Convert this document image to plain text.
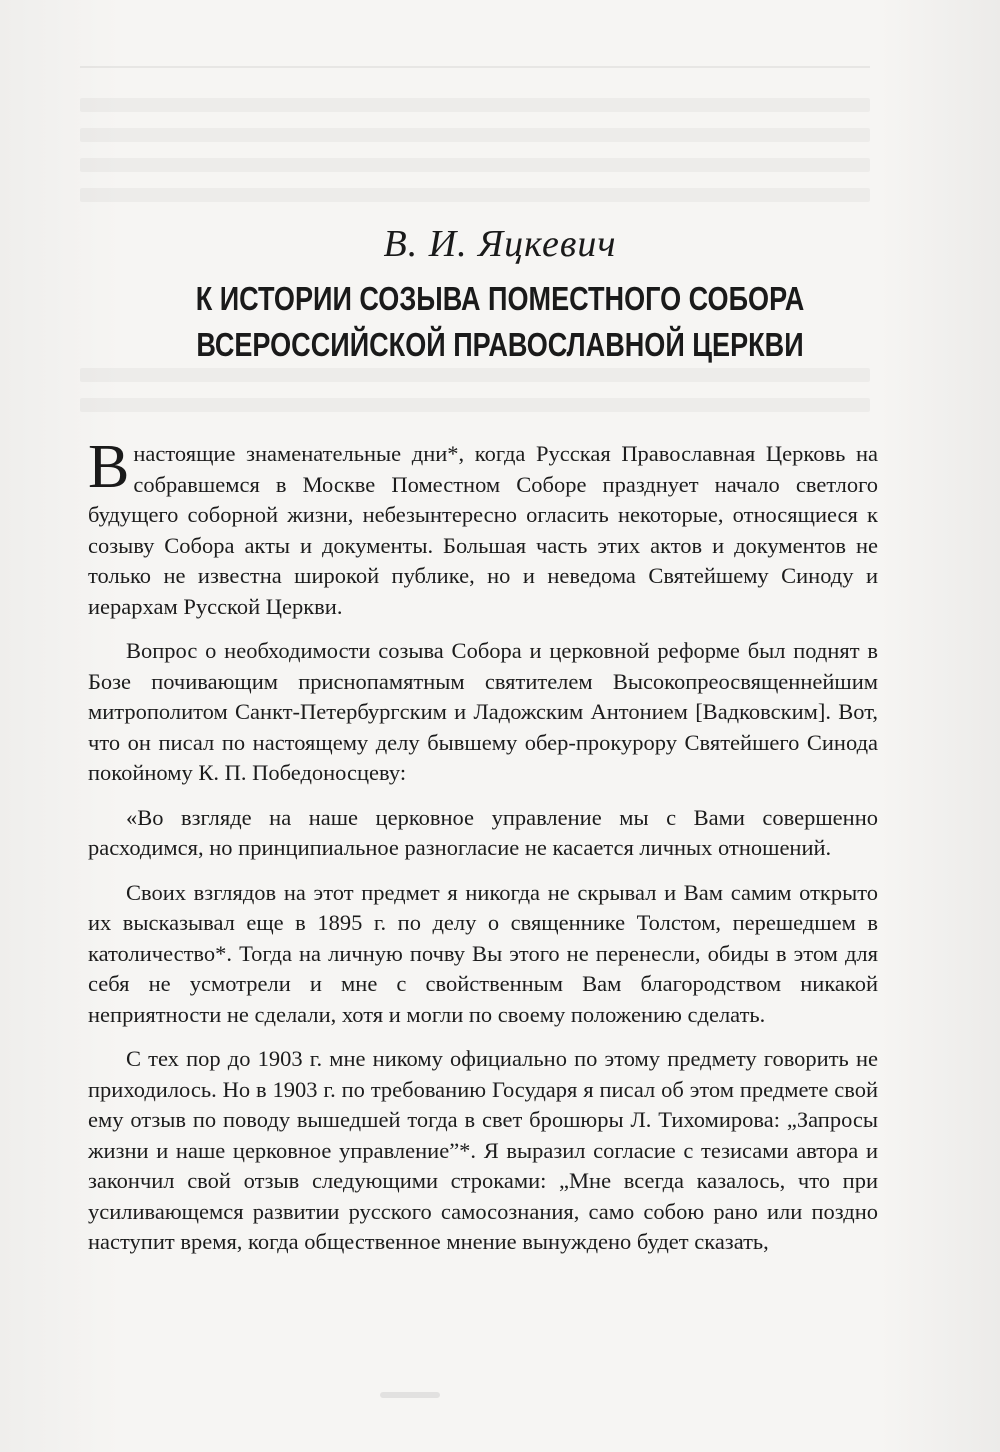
В. И. Яцкевич
К ИСТОРИИ СОЗЫВА ПОМЕСТНОГО СОБОРА
ВСЕРОССИЙСКОЙ ПРАВОСЛАВНОЙ ЦЕРКВИ

В настоящие знаменательные дни*, когда Русская Православная Церковь на собравшемся в Москве Поместном Соборе празднует начало светлого будущего соборной жизни, небезынтересно огласить некоторые, относящиеся к созыву Собора акты и документы. Большая часть этих актов и документов не только не известна широкой публике, но и неведома Святейшему Синоду и иерархам Русской Церкви.

Вопрос о необходимости созыва Собора и церковной реформе был поднят в Бозе почивающим приснопамятным святителем Высокопреосвященнейшим митрополитом Санкт-Петербургским и Ладожским Антонием [Вадковским]. Вот, что он писал по настоящему делу бывшему обер-прокурору Святейшего Синода покойному К. П. Победоносцеву:

«Во взгляде на наше церковное управление мы с Вами совершенно расходимся, но принципиальное разногласие не касается личных отношений.

Своих взглядов на этот предмет я никогда не скрывал и Вам самим открыто их высказывал еще в 1895 г. по делу о священнике Толстом, перешедшем в католичество*. Тогда на личную почву Вы этого не перенесли, обиды в этом для себя не усмотрели и мне с свойственным Вам благородством никакой неприятности не сделали, хотя и могли по своему положению сделать.

С тех пор до 1903 г. мне никому официально по этому предмету говорить не приходилось. Но в 1903 г. по требованию Государя я писал об этом предмете свой ему отзыв по поводу вышедшей тогда в свет брошюры Л. Тихомирова: „Запросы жизни и наше церковное управление”*. Я выразил согласие с тезисами автора и закончил свой отзыв следующими строками: „Мне всегда казалось, что при усиливающемся развитии русского самосознания, само собою рано или поздно наступит время, когда общественное мнение вынуждено будет сказать,
